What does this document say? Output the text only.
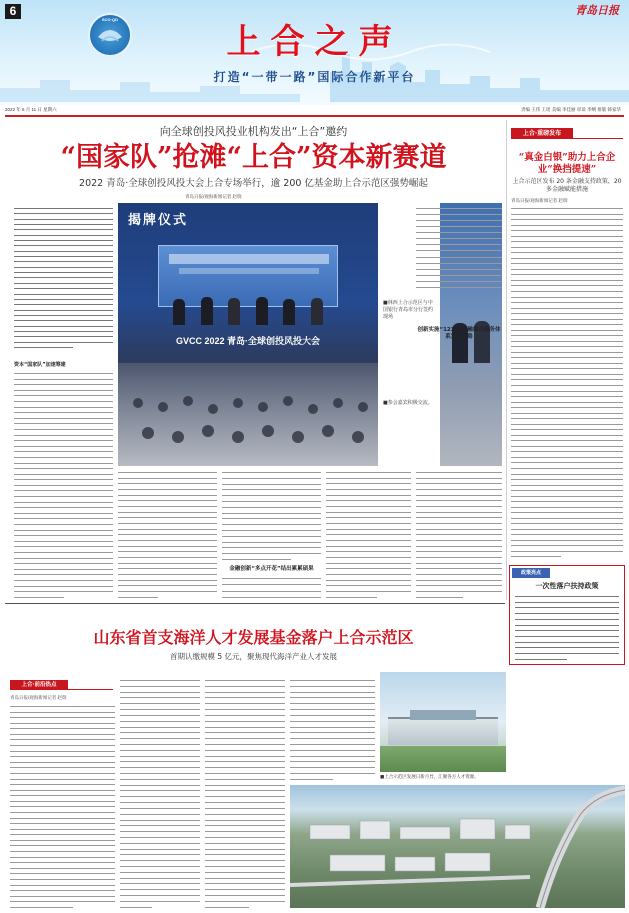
6
SCO·QD
上合之声
打造“一带一路”国际合作新平台
青岛日报
2022 年 6 月 11 日 星期六	责编 王伟 王瑶 美编 李佳丽 审读 李纲 排版 韩家华
向全球创投风投业机构发出“上合”邀约
“国家队”抢滩“上合”资本新赛道
2022 青岛·全球创投风投大会上合专场举行，逾 200 亿基金助上合示范区强势崛起
青岛日报/观海新闻记者 赵瑞
资本“国家队”加速筹建
揭牌仪式
GVCC 2022 青岛·全球创投风投大会
■林西上合示范区与中国银行青岛市分行签约现场
■参会嘉宾积极交流。
金融创新“多点开花”结出累累硕果
创新实施“1234”金融综合服务体系发展战略
上合·重磅发布
“真金白银”助力上合企业“换挡提速”
上合示范区发布 20 条金融支持政策，20 多金融赋能措施
青岛日报/观海新闻记者 赵瑞
政策亮点
一次性落户扶持政策
山东省首支海洋人才发展基金落户上合示范区
首期认缴规模 5 亿元，聚焦现代海洋产业人才发展
上合·前沿热点
青岛日报/观海新闻记者 赵瑞
■上合示范区发展日新月异，汇聚各方人才资源。
